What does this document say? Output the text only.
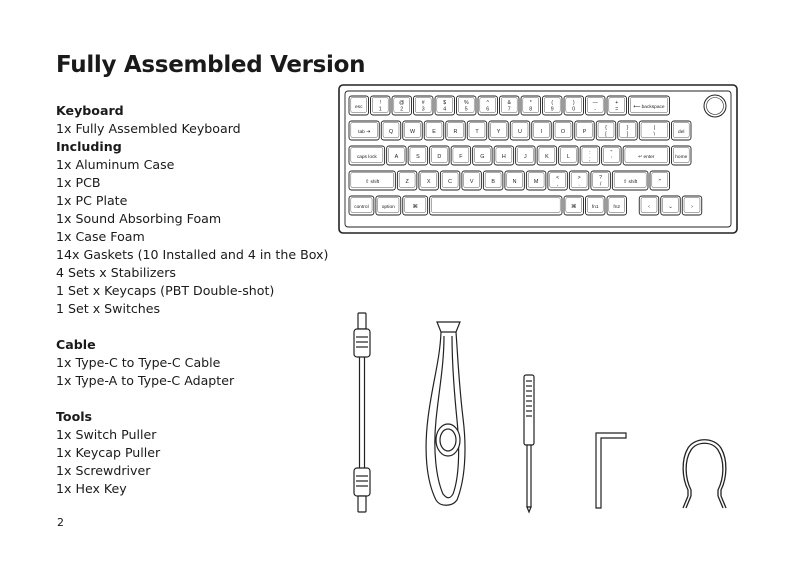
Fully Assembled Version

Keyboard

1x Fully Assembled Keyboard

Including

1x Aluminum Case

1x PCB

1x PC Plate

1x Sound Absorbing Foam

1x Case Foam

14x Gaskets (10 Installed and 4 in the Box)

4 Sets x Stabilizers

1 Set x Keycaps (PBT Double-shot)

1 Set x Switches

Cable

1x Type-C to Type-C Cable

1x Type-A to Type-C Adapter

Tools

1x Switch Puller

1x Keycap Puller

1x Screwdriver

1x Hex Key

2
esc
!
1
@
2
#
3
$
4
%
5
^
6
&
7
*
8
(
9
)
0
—
-
+
=	⟵ backspace
tab ⇥	Q	W	E	R	T	Y	U	I	O	P
{
[
}
]
|
\	del
caps lock	A	S	D	F	G	H	J	K	L
:
;
"
'	↵ enter	home
⇧ shift	Z	X	C	V	B	N	M
<
,
>
.
?
/	⇧ shift	⌃
control	option	⌘	⌘	fn1	fn2	‹	⌄	›
